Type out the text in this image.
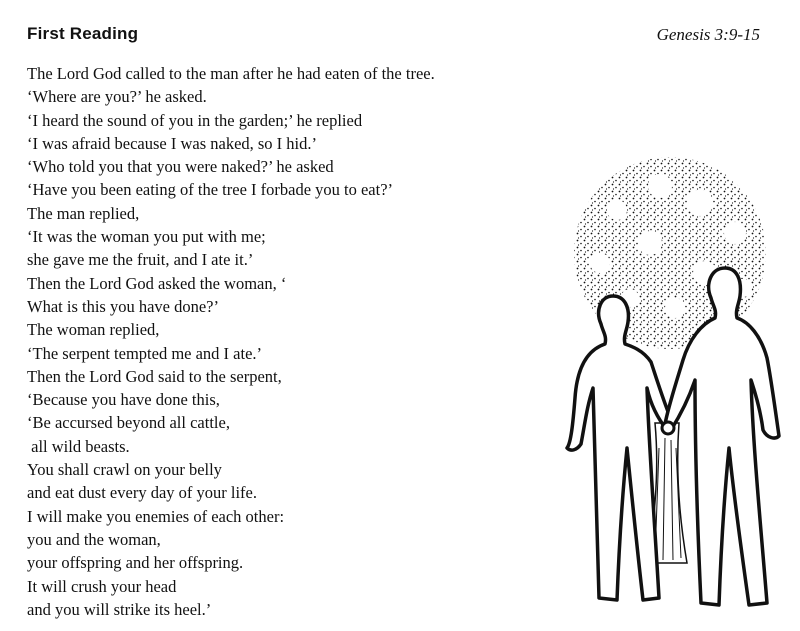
First Reading	Genesis 3:9-15
The Lord God called to the man after he had eaten of the tree.
‘Where are you?’ he asked.
‘I heard the sound of you in the garden;’ he replied
‘I was afraid because I was naked, so I hid.’
‘Who told you that you were naked?’ he asked
‘Have you been eating of the tree I forbade you to eat?’
The man replied,
‘It was the woman you put with me;
she gave me the fruit, and I ate it.’
Then the Lord God asked the woman, ‘
What is this you have done?’
The woman replied,
‘The serpent tempted me and I ate.’
Then the Lord God said to the serpent,
‘Because you have done this,
‘Be accursed beyond all cattle,
all wild beasts.
You shall crawl on your belly
and eat dust every day of your life.
I will make you enemies of each other:
you and the woman,
your offspring and her offspring.
It will crush your head
and you will strike its heel.’
